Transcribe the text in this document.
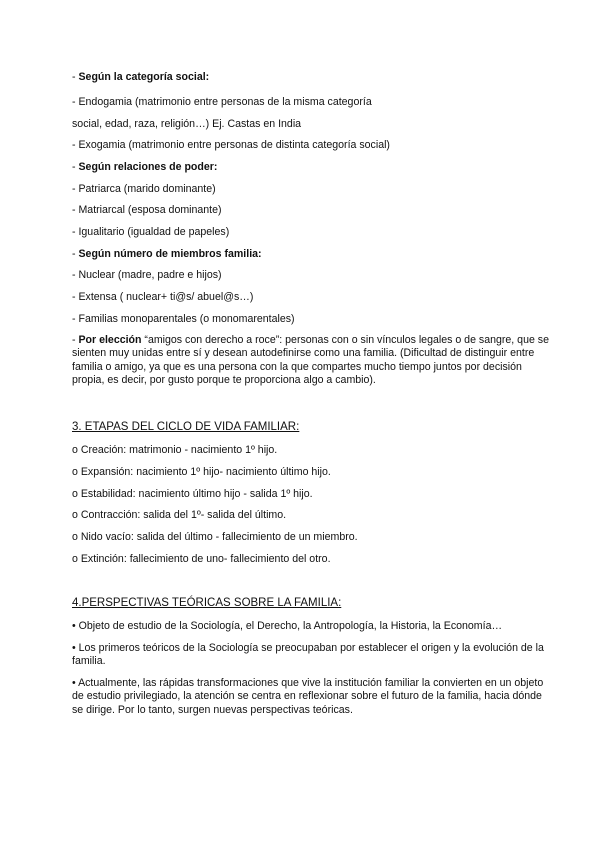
- Según la categoría social:
- Endogamia (matrimonio entre personas de la misma categoría
social, edad, raza, religión…) Ej. Castas en India
- Exogamia (matrimonio entre personas de distinta categoría social)
- Según relaciones de poder:
- Patriarca (marido dominante)
- Matriarcal (esposa dominante)
- Igualitario (igualdad de papeles)
- Según número de miembros familia:
- Nuclear (madre, padre e hijos)
- Extensa ( nuclear+ ti@s/ abuel@s…)
- Familias monoparentales (o monomarentales)
- Por elección “amigos con derecho a roce”: personas con o sin vínculos legales o de sangre, que se sienten muy unidas entre sí y desean autodefinirse como una familia. (Dificultad de distinguir entre familia o amigo, ya que es una persona con la que compartes mucho tiempo juntos por decisión propia, es decir, por gusto porque te proporciona algo a cambio).
3. ETAPAS DEL CICLO DE VIDA FAMILIAR:
o Creación: matrimonio - nacimiento 1º hijo.
o Expansión: nacimiento 1º hijo- nacimiento último hijo.
o Estabilidad: nacimiento último hijo - salida 1º hijo.
o Contracción: salida del 1º- salida del último.
o Nido vacío: salida del último - fallecimiento de un miembro.
o Extinción: fallecimiento de uno- fallecimiento del otro.
4.PERSPECTIVAS TEÓRICAS SOBRE LA FAMILIA:
• Objeto de estudio de la Sociología, el Derecho, la Antropología, la Historia, la Economía…
• Los primeros teóricos de la Sociología se preocupaban por establecer el origen y la evolución de la familia.
• Actualmente, las rápidas transformaciones que vive la institución familiar la convierten en un objeto de estudio privilegiado, la atención se centra en reflexionar sobre el futuro de la familia, hacia dónde se dirige. Por lo tanto, surgen nuevas perspectivas teóricas.
